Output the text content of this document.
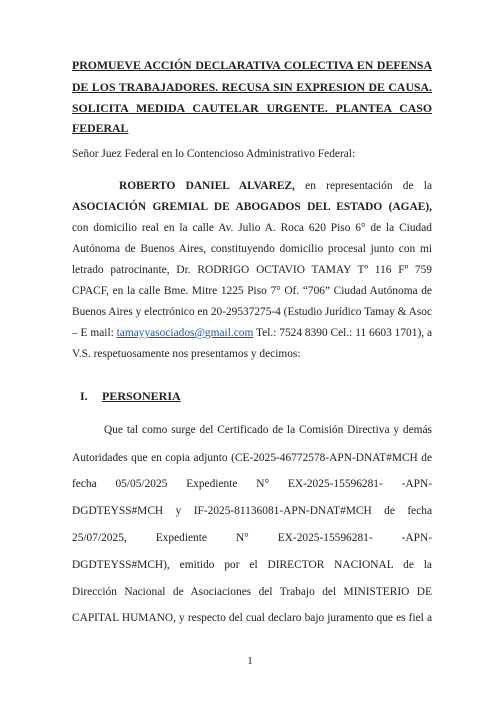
PROMUEVE ACCIÓN DECLARATIVA COLECTIVA EN DEFENSA
DE LOS TRABAJADORES. RECUSA SIN EXPRESION DE CAUSA.
SOLICITA MEDIDA CAUTELAR URGENTE. PLANTEA CASO
FEDERAL
Señor Juez Federal en lo Contencioso Administrativo Federal:
ROBERTO DANIEL ALVAREZ, en representación de la
ASOCIACIÓN GREMIAL DE ABOGADOS DEL ESTADO (AGAE),
con domicilio real en la calle Av. Julio A. Roca 620 Piso 6° de la Ciudad
Autónoma de Buenos Aires, constituyendo domicilio procesal junto con mi
letrado patrocinante, Dr. RODRIGO OCTAVIO TAMAY Tº 116 Fº 759
CPACF, en la calle Bme. Mitre 1225 Piso 7° Of. “706” Ciudad Autónoma de
Buenos Aires y electrónico en 20-29537275-4 (Estudio Jurídico Tamay & Asoc
– E mail: tamayyasociados@gmail.com Tel.: 7524 8390 Cel.: 11 6603 1701), a
V.S. respetuosamente nos presentamos y decimos:
I. PERSONERIA
Que tal como surge del Certificado de la Comisión Directiva y demás
Autoridades que en copia adjunto (CE-2025-46772578-APN-DNAT#MCH de
fecha 05/05/2025 Expediente N° EX-2025-15596281- -APN-
DGDTEYSS#MCH y IF-2025-81136081-APN-DNAT#MCH de fecha
25/07/2025, Expediente N° EX-2025-15596281- -APN-
DGDTEYSS#MCH), emitido por el DIRECTOR NACIONAL de la
Dirección Nacional de Asociaciones del Trabajo del MINISTERIO DE
CAPITAL HUMANO, y respecto del cual declaro bajo juramento que es fiel a
1
